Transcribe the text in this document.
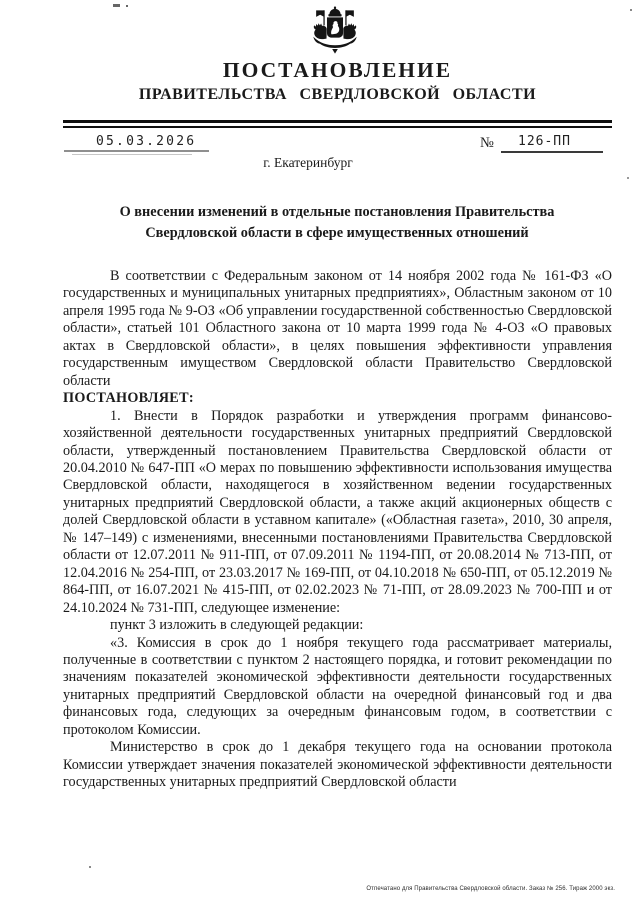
ПОСТАНОВЛЕНИЕ
ПРАВИТЕЛЬСТВА СВЕРДЛОВСКОЙ ОБЛАСТИ
05.03.2026	№ 126-ПП
г. Екатеринбург
О внесении изменений в отдельные постановления Правительства Свердловской области в сфере имущественных отношений

В соответствии с Федеральным законом от 14 ноября 2002 года № 161-ФЗ «О государственных и муниципальных унитарных предприятиях», Областным законом от 10 апреля 1995 года № 9-ОЗ «Об управлении государственной собственностью Свердловской области», статьей 101 Областного закона от 10 марта 1999 года № 4-ОЗ «О правовых актах в Свердловской области», в целях повышения эффективности управления государственным имуществом Свердловской области Правительство Свердловской области

ПОСТАНОВЛЯЕТ:

1. Внести в Порядок разработки и утверждения программ финансово-хозяйственной деятельности государственных унитарных предприятий Свердловской области, утвержденный постановлением Правительства Свердловской области от 20.04.2010 № 647-ПП «О мерах по повышению эффективности использования имущества Свердловской области, находящегося в хозяйственном ведении государственных унитарных предприятий Свердловской области, а также акций акционерных обществ с долей Свердловской области в уставном капитале» («Областная газета», 2010, 30 апреля, № 147–149) с изменениями, внесенными постановлениями Правительства Свердловской области от 12.07.2011 № 911-ПП, от 07.09.2011 № 1194-ПП, от 20.08.2014 № 713-ПП, от 12.04.2016 № 254-ПП, от 23.03.2017 № 169-ПП, от 04.10.2018 № 650-ПП, от 05.12.2019 № 864-ПП, от 16.07.2021 № 415-ПП, от 02.02.2023 № 71-ПП, от 28.09.2023 № 700-ПП и от 24.10.2024 № 731-ПП, следующее изменение:

пункт 3 изложить в следующей редакции:

«3. Комиссия в срок до 1 ноября текущего года рассматривает материалы, полученные в соответствии с пунктом 2 настоящего порядка, и готовит рекомендации по значениям показателей экономической эффективности деятельности государственных унитарных предприятий Свердловской области на очередной финансовый год и два финансовых года, следующих за очередным финансовым годом, в соответствии с протоколом Комиссии.

Министерство в срок до 1 декабря текущего года на основании протокола Комиссии утверждает значения показателей экономической эффективности деятельности государственных унитарных предприятий Свердловской области

Отпечатано для Правительства Свердловской области. Заказ № 256. Тираж 2000 экз.
